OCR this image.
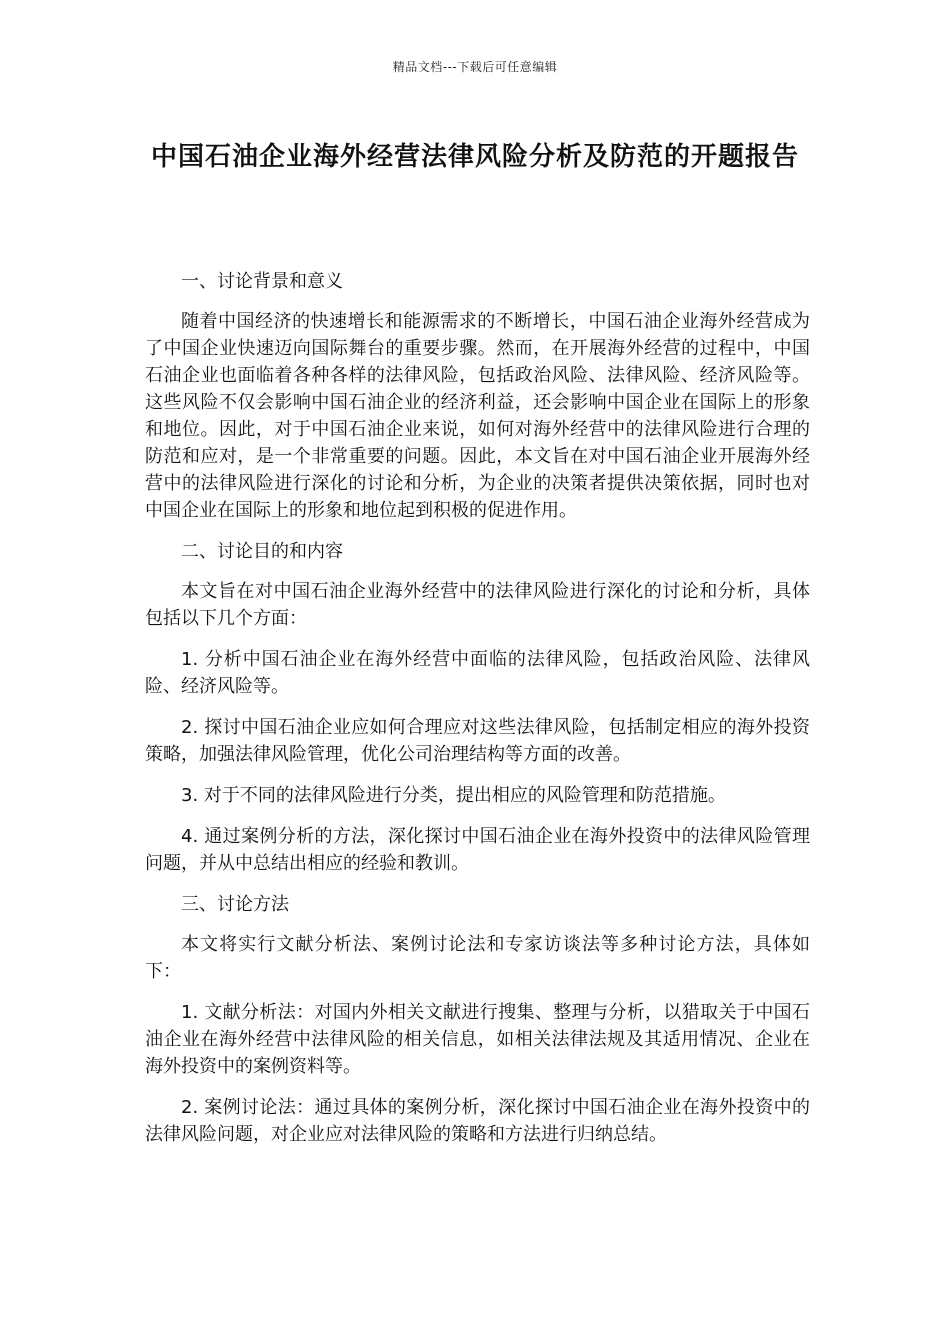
精品文档---下载后可任意编辑
中国石油企业海外经营法律风险分析及防范的开题报告

一、讨论背景和意义

随着中国经济的快速增长和能源需求的不断增长，中国石油企业海外经营成为了中国企业快速迈向国际舞台的重要步骤。然而，在开展海外经营的过程中，中国石油企业也面临着各种各样的法律风险，包括政治风险、法律风险、经济风险等。这些风险不仅会影响中国石油企业的经济利益，还会影响中国企业在国际上的形象和地位。因此，对于中国石油企业来说，如何对海外经营中的法律风险进行合理的防范和应对，是一个非常重要的问题。因此，本文旨在对中国石油企业开展海外经营中的法律风险进行深化的讨论和分析，为企业的决策者提供决策依据，同时也对中国企业在国际上的形象和地位起到积极的促进作用。

二、讨论目的和内容

本文旨在对中国石油企业海外经营中的法律风险进行深化的讨论和分析，具体包括以下几个方面：

1. 分析中国石油企业在海外经营中面临的法律风险，包括政治风险、法律风险、经济风险等。

2. 探讨中国石油企业应如何合理应对这些法律风险，包括制定相应的海外投资策略，加强法律风险管理，优化公司治理结构等方面的改善。

3. 对于不同的法律风险进行分类，提出相应的风险管理和防范措施。

4. 通过案例分析的方法，深化探讨中国石油企业在海外投资中的法律风险管理问题，并从中总结出相应的经验和教训。

三、讨论方法

本文将实行文献分析法、案例讨论法和专家访谈法等多种讨论方法，具体如下：

1. 文献分析法：对国内外相关文献进行搜集、整理与分析，以猎取关于中国石油企业在海外经营中法律风险的相关信息，如相关法律法规及其适用情况、企业在海外投资中的案例资料等。

2. 案例讨论法：通过具体的案例分析，深化探讨中国石油企业在海外投资中的法律风险问题，对企业应对法律风险的策略和方法进行归纳总结。
